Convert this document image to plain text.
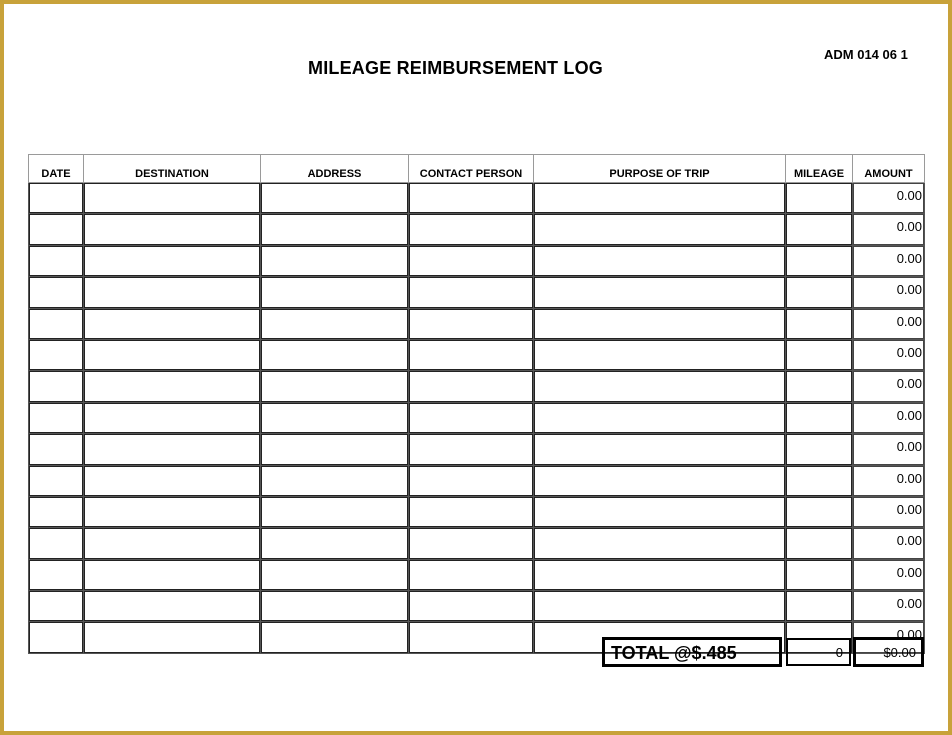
ADM 014 06 1
MILEAGE REIMBURSEMENT LOG
DATE	DESTINATION	ADDRESS	CONTACT PERSON	PURPOSE OF TRIP	MILEAGE	AMOUNT
						0.00
						0.00
						0.00
						0.00
						0.00
						0.00
						0.00
						0.00
						0.00
						0.00
						0.00
						0.00
						0.00
						0.00
						0.00
TOTAL @$.485	0	$0.00
